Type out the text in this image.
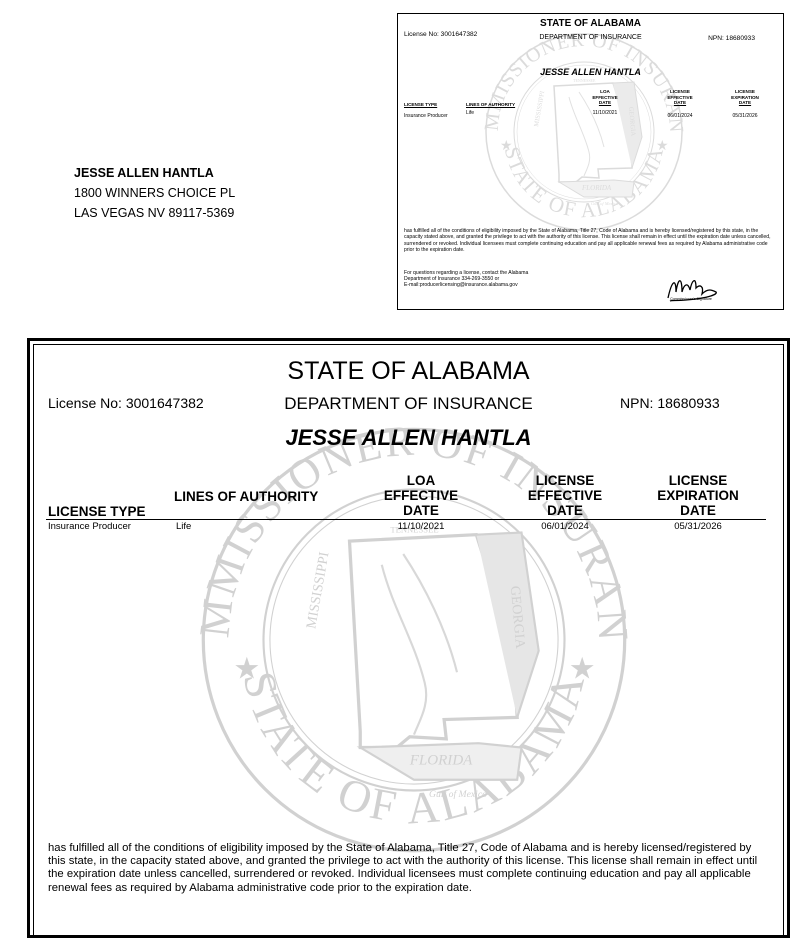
JESSE ALLEN HANTLA
1800 WINNERS CHOICE PL
LAS VEGAS NV 89117-5369
STATE OF ALABAMA
License No: 3001647382	DEPARTMENT OF INSURANCE	NPN: 18680933
JESSE ALLEN HANTLA
LICENSE TYPE	LINES OF AUTHORITY
LOA
EFFECTIVE
DATE
LICENSE
EFFECTIVE
DATE
LICENSE
EXPIRATION
DATE
Insurance Producer	Life	11/10/2021	06/01/2024	05/31/2026
has fulfilled all of the conditions of eligibility imposed by the State of Alabama, Title 27, Code of Alabama and is hereby licensed/registered by this state, in the capacity stated above, and granted the privilege to act with the authority of this license. This license shall remain in effect until the expiration date unless cancelled, surrendered or revoked. Individual licensees must complete continuing education and pay all applicable renewal fees as required by Alabama administrative code prior to the expiration date.
For questions regarding a license, contact the Alabama
Department of Insurance 334-269-3550 or
E-mail:producerlicensing@insurance.alabama.gov
Commissioner's Signature
STATE OF ALABAMA
License No: 3001647382	DEPARTMENT OF INSURANCE	NPN: 18680933
JESSE ALLEN HANTLA
LICENSE TYPE
LINES OF AUTHORITY
LOA
EFFECTIVE
DATE
LICENSE
EFFECTIVE
DATE
LICENSE
EXPIRATION
DATE
Insurance Producer	Life	11/10/2021	06/01/2024	05/31/2026
has fulfilled all of the conditions of eligibility imposed by the State of Alabama, Title 27, Code of Alabama and is hereby licensed/registered by this state, in the capacity stated above, and granted the privilege to act with the authority of this license. This license shall remain in effect until the expiration date unless cancelled, surrendered or revoked. Individual licensees must complete continuing education and pay all applicable renewal fees as required by Alabama administrative code prior to the expiration date.
